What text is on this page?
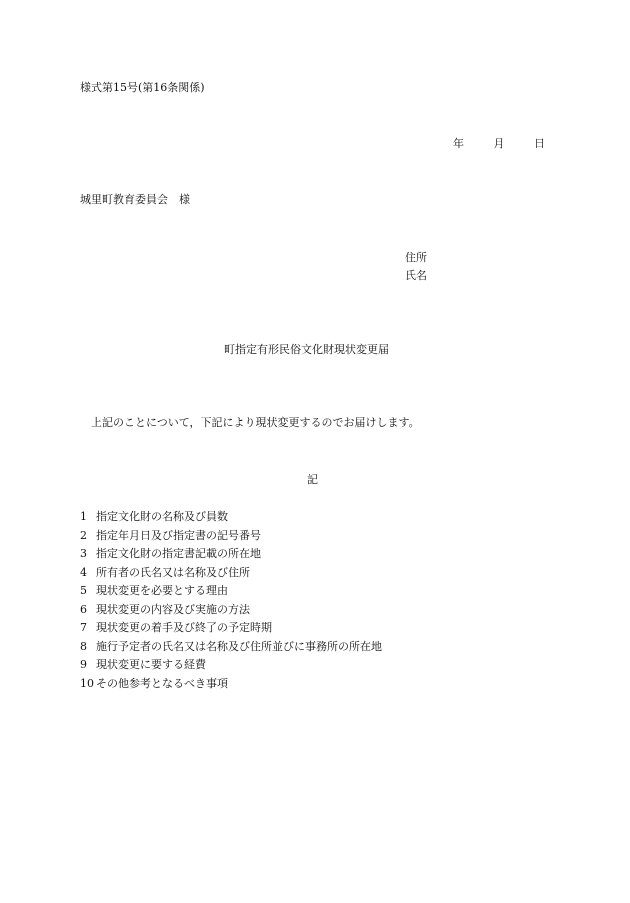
様式第15号(第16条関係)
年	月	日
城里町教育委員会　様
住所
氏名
町指定有形民俗文化財現状変更届
上記のことについて，下記により現状変更するのでお届けします。
記
1 指定文化財の名称及び員数
2 指定年月日及び指定書の記号番号
3 指定文化財の指定書記載の所在地
4 所有者の氏名又は名称及び住所
5 現状変更を必要とする理由
6 現状変更の内容及び実施の方法
7 現状変更の着手及び終了の予定時期
8 施行予定者の氏名又は名称及び住所並びに事務所の所在地
9 現状変更に要する経費
10 その他参考となるべき事項
